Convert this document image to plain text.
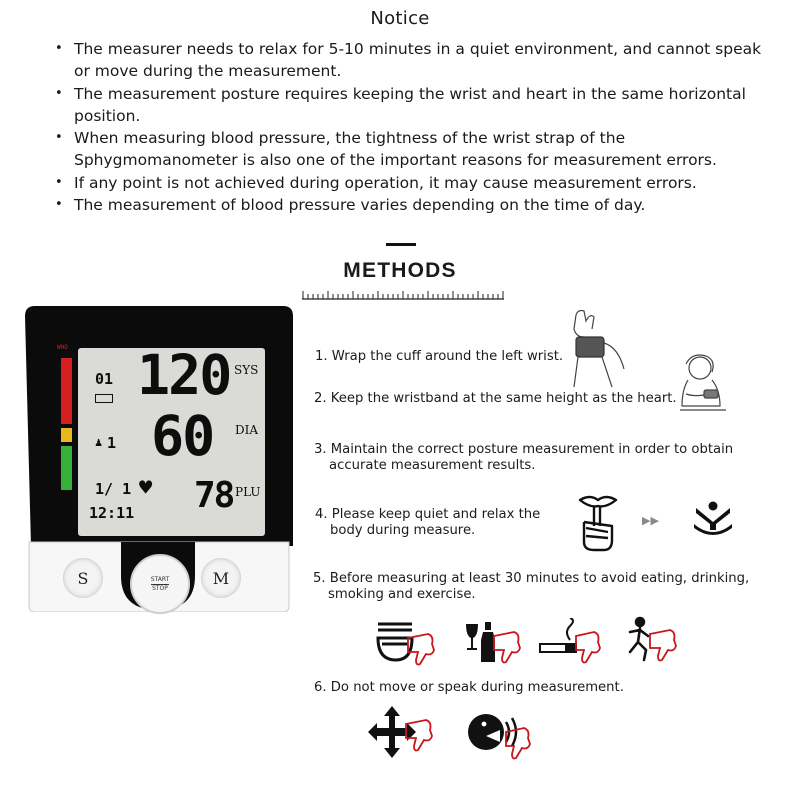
Notice
• The measurer needs to relax for 5-10 minutes in a quiet environment, and cannot speak or move during the measurement.
• The measurement posture requires keeping the wrist and heart in the same horizontal position.
• When measuring blood pressure, the tightness of the wrist strap of the Sphygmomanometer is also one of the important reasons for measurement errors.
• If any point is not achieved during operation, it may cause measurement errors.
• The measurement of blood pressure varies depending on the time of day.
METHODS
WHO 120
60
78
SYS
DIA
PLU
01
♟ 1
1/ 1 ♥
12:11
S	START
STOP
M
1. Wrap the cuff around the left wrist.
2. Keep the wristband at the same height as the heart.
3. Maintain the correct posture measurement in order to obtain
accurate measurement results.
4. Please keep quiet and relax the
body during measure.
5. Before measuring at least 30 minutes to avoid eating, drinking,
smoking and exercise.
6. Do not move or speak during measurement.
▶▶
